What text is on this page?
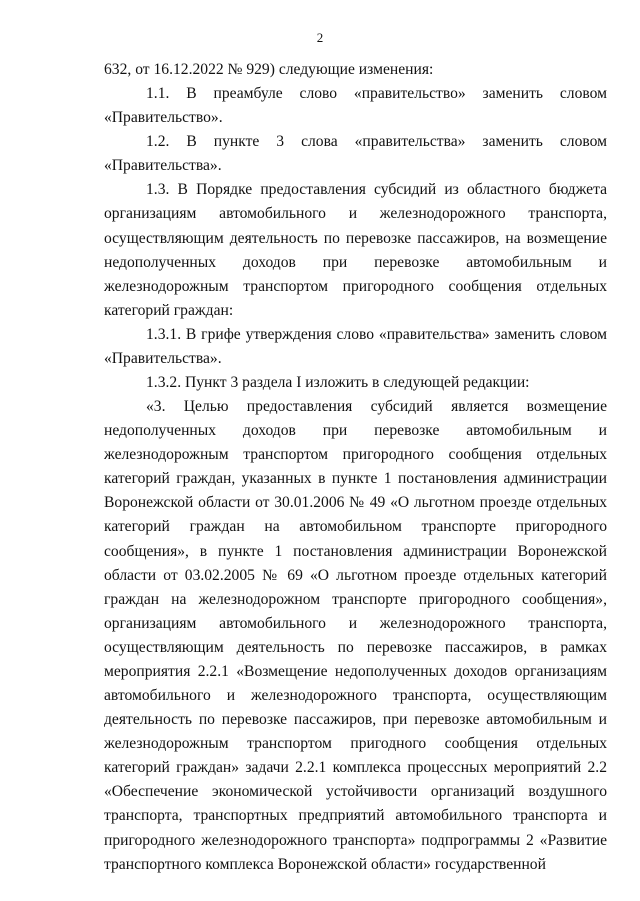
2

632, от 16.12.2022 № 929) следующие изменения:

1.1. В преамбуле слово «правительство» заменить словом «Правительство».

1.2. В пункте 3 слова «правительства» заменить словом «Правительства».

1.3. В Порядке предоставления субсидий из областного бюджета организациям автомобильного и железнодорожного транспорта, осуществляющим деятельность по перевозке пассажиров, на возмещение недополученных доходов при перевозке автомобильным и железнодорожным транспортом пригородного сообщения отдельных категорий граждан:

1.3.1. В грифе утверждения слово «правительства» заменить словом «Правительства».

1.3.2. Пункт 3 раздела I изложить в следующей редакции:

«3. Целью предоставления субсидий является возмещение недополученных доходов при перевозке автомобильным и железнодорожным транспортом пригородного сообщения отдельных категорий граждан, указанных в пункте 1 постановления администрации Воронежской области от 30.01.2006 № 49 «О льготном проезде отдельных категорий граждан на автомобильном транспорте пригородного сообщения», в пункте 1 постановления администрации Воронежской области от 03.02.2005 № 69 «О льготном проезде отдельных категорий граждан на железнодорожном транспорте пригородного сообщения», организациям автомобильного и железнодорожного транспорта, осуществляющим деятельность по перевозке пассажиров, в рамках мероприятия 2.2.1 «Возмещение недополученных доходов организациям автомобильного и железнодорожного транспорта, осуществляющим деятельность по перевозке пассажиров, при перевозке автомобильным и железнодорожным транспортом пригодного сообщения отдельных категорий граждан» задачи 2.2.1 комплекса процессных мероприятий 2.2 «Обеспечение экономической устойчивости организаций воздушного транспорта, транспортных предприятий автомобильного транспорта и пригородного железнодорожного транспорта» подпрограммы 2 «Развитие транспортного комплекса Воронежской области» государственной
